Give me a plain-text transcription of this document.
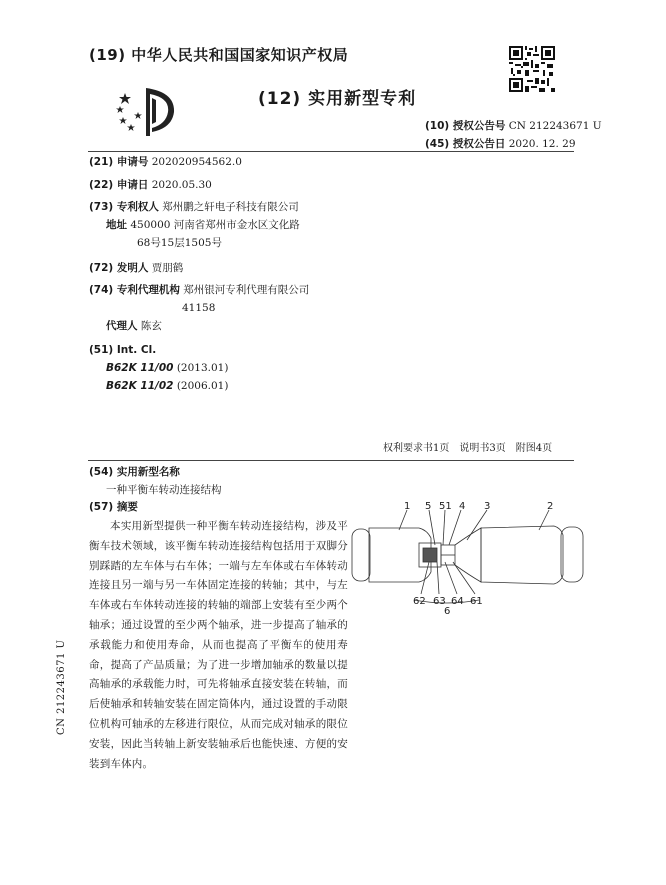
(19) 中华人民共和国国家知识产权局
(12) 实用新型专利
(10) 授权公告号 CN 212243671 U
(45) 授权公告日 2020. 12. 29
(21) 申请号 202020954562.0
(22) 申请日 2020.05.30
(73) 专利权人 郑州鹏之轩电子科技有限公司
地址 450000 河南省郑州市金水区文化路
68号15层1505号
(72) 发明人 贾朋鹤
(74) 专利代理机构 郑州银河专利代理有限公司
41158
代理人 陈玄
(51) Int. Cl.
B62K 11/00 (2013.01)
B62K 11/02 (2006.01)
权利要求书1页　说明书3页　附图4页
(54) 实用新型名称
一种平衡车转动连接结构
(57) 摘要
本实用新型提供一种平衡车转动连接结构，涉及平衡车技术领域，该平衡车转动连接结构包括用于双脚分别踩踏的左车体与右车体；一端与左车体或右车体转动连接且另一端与另一车体固定连接的转轴；其中，与左车体或右车体转动连接的转轴的端部上安装有至少两个轴承；通过设置的至少两个轴承，进一步提高了轴承的承载能力和使用寿命，从而也提高了平衡车的使用寿命，提高了产品质量；为了进一步增加轴承的数量以提高轴承的承载能力时，可先将轴承直接安装在转轴，而后使轴承和转轴安装在固定筒体内，通过设置的手动限位机构可轴承的左移进行限位，从而完成对轴承的限位安装，因此当转轴上新安装轴承后也能快速、方便的安装到车体内。
1 5 51 4 3	2
62 63 64 61
6
CN 212243671 U
